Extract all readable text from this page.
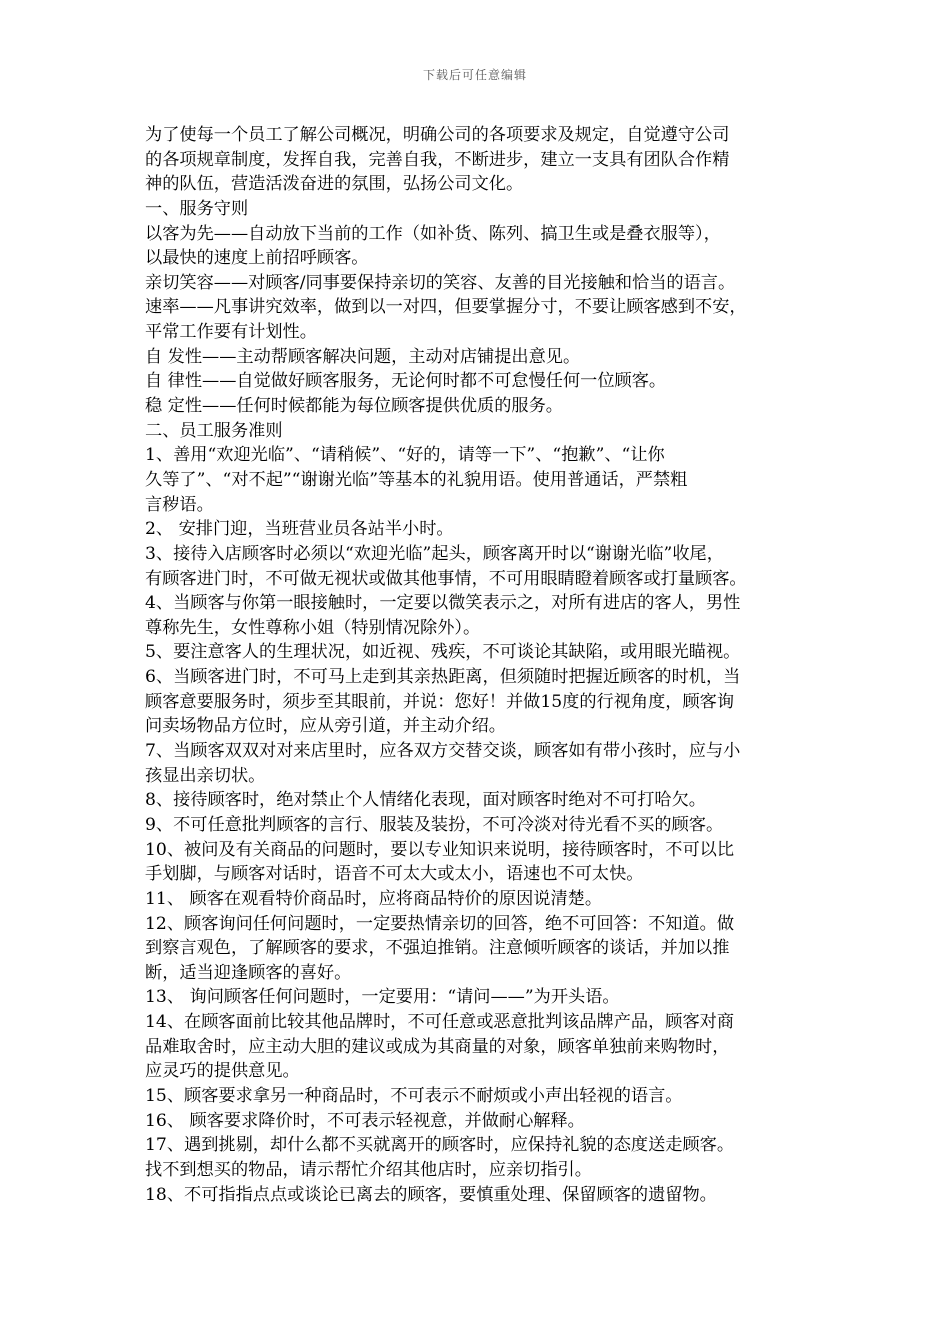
下载后可任意编辑
为了使每一个员工了解公司概况，明确公司的各项要求及规定，自觉遵守公司
的各项规章制度，发挥自我，完善自我，不断进步，建立一支具有团队合作精
神的队伍，营造活泼奋进的氛围，弘扬公司文化。
一、服务守则
以客为先——自动放下当前的工作（如补货、陈列、搞卫生或是叠衣服等），
以最快的速度上前招呼顾客。
亲切笑容——对顾客/同事要保持亲切的笑容、友善的目光接触和恰当的语言。
速率——凡事讲究效率，做到以一对四，但要掌握分寸，不要让顾客感到不安，
平常工作要有计划性。
自 发性——主动帮顾客解决问题，主动对店铺提出意见。
自 律性——自觉做好顾客服务，无论何时都不可怠慢任何一位顾客。
稳 定性——任何时候都能为每位顾客提供优质的服务。
二、员工服务准则
1、善用“欢迎光临”、“请稍候”、“好的，请等一下”、“抱歉”、“让你
久等了”、“对不起”“谢谢光临”等基本的礼貌用语。使用普通话，严禁粗
言秽语。
2、 安排门迎，当班营业员各站半小时。
3、接待入店顾客时必须以“欢迎光临”起头，顾客离开时以“谢谢光临”收尾，
有顾客进门时，不可做无视状或做其他事情，不可用眼睛瞪着顾客或打量顾客。
4、当顾客与你第一眼接触时，一定要以微笑表示之，对所有进店的客人，男性
尊称先生，女性尊称小姐（特别情况除外）。
5、要注意客人的生理状况，如近视、残疾，不可谈论其缺陷，或用眼光瞄视。
6、当顾客进门时，不可马上走到其亲热距离，但须随时把握近顾客的时机，当
顾客意要服务时，须步至其眼前，并说：您好！并做15度的行视角度，顾客询
问卖场物品方位时，应从旁引道，并主动介绍。
7、当顾客双双对对来店里时，应各双方交替交谈，顾客如有带小孩时，应与小
孩显出亲切状。
8、接待顾客时，绝对禁止个人情绪化表现，面对顾客时绝对不可打哈欠。
9、不可任意批判顾客的言行、服装及装扮，不可冷淡对待光看不买的顾客。
10、被问及有关商品的问题时，要以专业知识来说明，接待顾客时，不可以比
手划脚，与顾客对话时，语音不可太大或太小，语速也不可太快。
11、 顾客在观看特价商品时，应将商品特价的原因说清楚。
12、顾客询问任何问题时，一定要热情亲切的回答，绝不可回答：不知道。做
到察言观色，了解顾客的要求，不强迫推销。注意倾听顾客的谈话，并加以推
断，适当迎逢顾客的喜好。
13、 询问顾客任何问题时，一定要用：“请问——”为开头语。
14、在顾客面前比较其他品牌时，不可任意或恶意批判该品牌产品，顾客对商
品难取舍时，应主动大胆的建议或成为其商量的对象，顾客单独前来购物时，
应灵巧的提供意见。
15、顾客要求拿另一种商品时，不可表示不耐烦或小声出轻视的语言。
16、 顾客要求降价时，不可表示轻视意，并做耐心解释。
17、遇到挑剔，却什么都不买就离开的顾客时，应保持礼貌的态度送走顾客。
找不到想买的物品，请示帮忙介绍其他店时，应亲切指引。
18、不可指指点点或谈论已离去的顾客，要慎重处理、保留顾客的遗留物。
